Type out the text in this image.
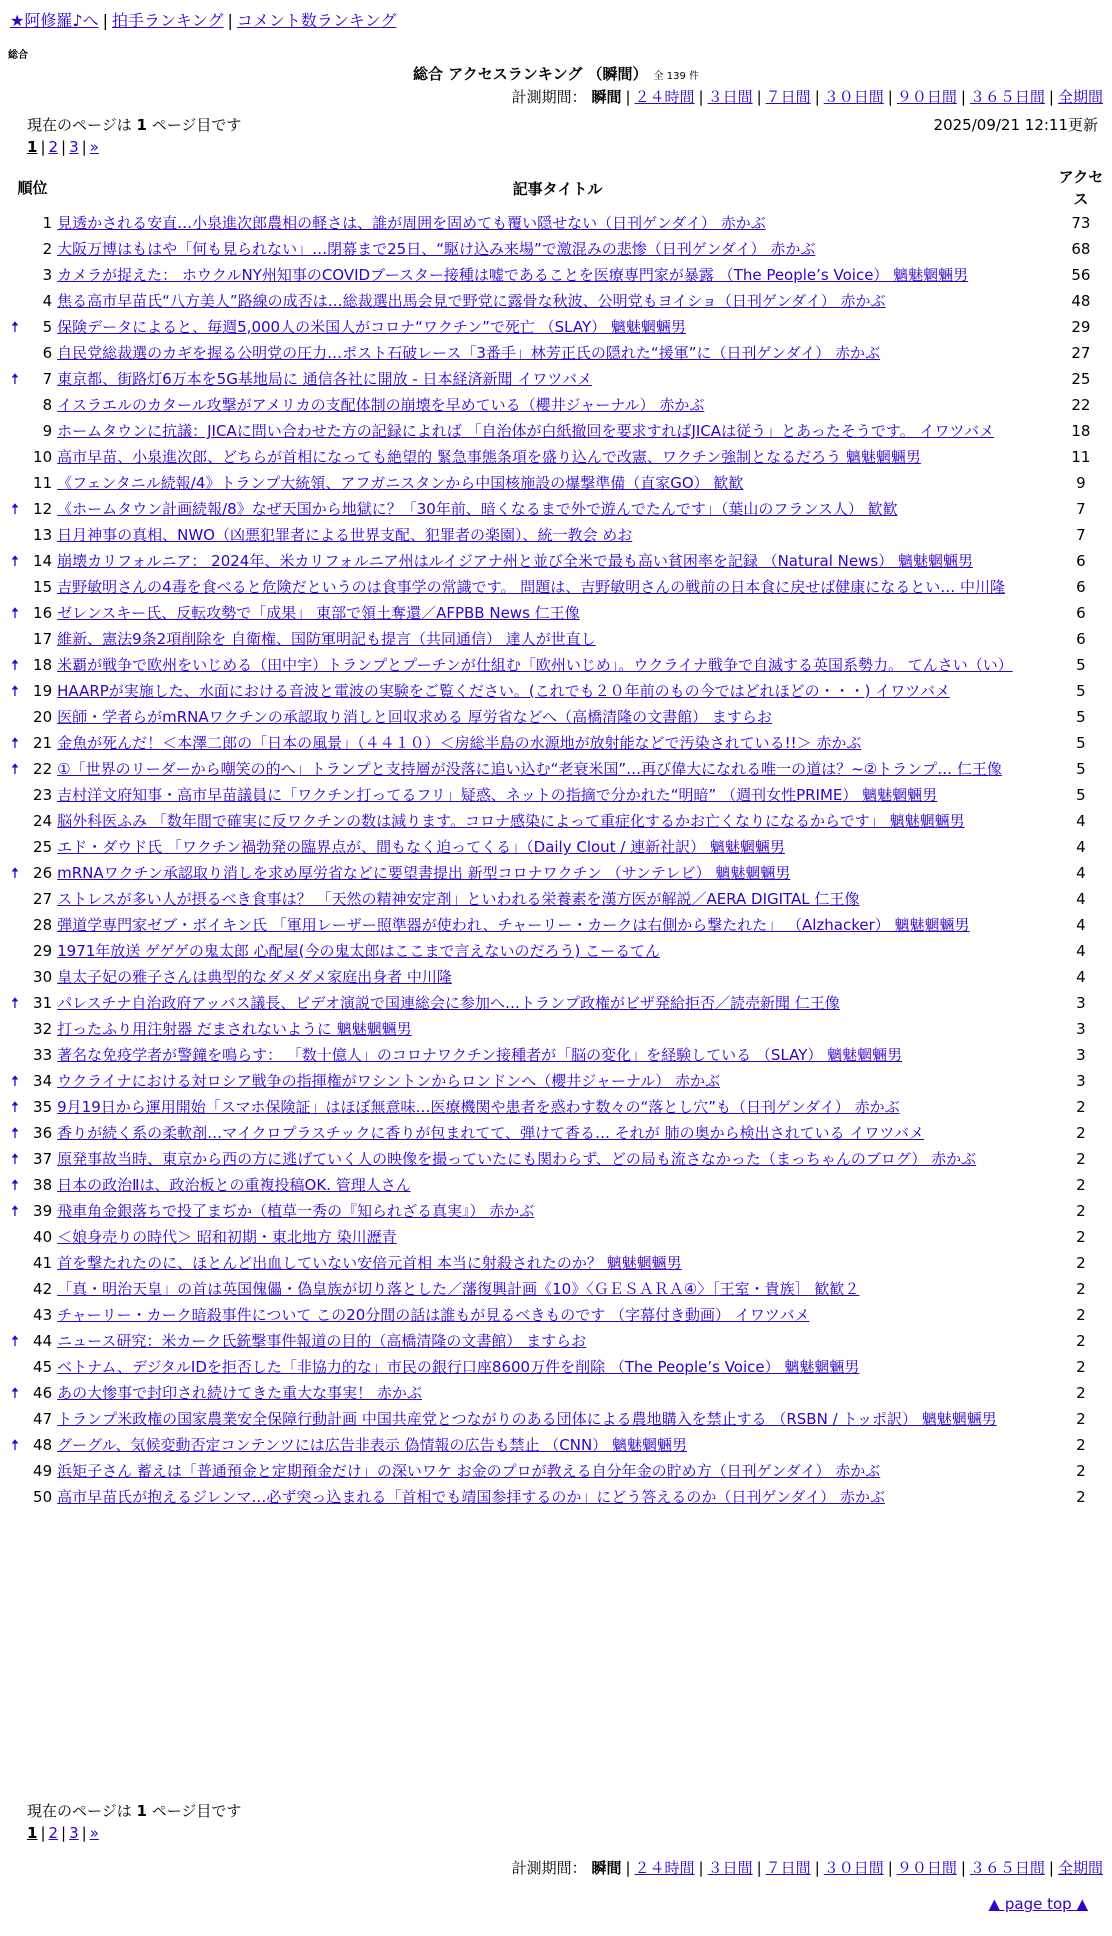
★阿修羅♪へ | 拍手ランキング | コメント数ランキング
総合
総合 アクセスランキング （瞬間） 全 139 件
計測期間： 瞬間 | ２４時間 | ３日間 | ７日間 | ３０日間 | ９０日間 | ３６５日間 | 全期間
現在のページは 1 ページ目です	2025/09/21 12:11更新
1 | 2 | 3 | »
順位		記事タイトル	アクセス
	1	見透かされる安直…小泉進次郎農相の軽さは、誰が周囲を固めても覆い隠せない（日刊ゲンダイ） 赤かぶ	73
	2	大阪万博はもはや「何も見られない」…閉幕まで25日、“駆け込み来場”で激混みの悲惨（日刊ゲンダイ） 赤かぶ	68
	3	カメラが捉えた： ホウクルNY州知事のCOVIDブースター接種は嘘であることを医療専門家が暴露 （The People’s Voice） 魑魅魍魎男	56
	4	焦る高市早苗氏“八方美人”路線の成否は…総裁選出馬会見で野党に露骨な秋波、公明党もヨイショ（日刊ゲンダイ） 赤かぶ	48
🠅	5	保険データによると、毎週5,000人の米国人がコロナ“ワクチン”で死亡 （SLAY） 魑魅魍魎男	29
	6	自民党総裁選のカギを握る公明党の圧力…ポスト石破レース「3番手」林芳正氏の隠れた“援軍”に（日刊ゲンダイ） 赤かぶ	27
🠅	7	東京都、街路灯6万本を5G基地局に 通信各社に開放 - 日本経済新聞 イワツバメ	25
	8	イスラエルのカタール攻撃がアメリカの支配体制の崩壊を早めている（櫻井ジャーナル） 赤かぶ	22
	9	ホームタウンに抗議：JICAに問い合わせた方の記録によれば 「自治体が白紙撤回を要求すればJICAは従う」とあったそうです。 イワツバメ	18
	10	高市早苗、小泉進次郎、どちらが首相になっても絶望的 緊急事態条項を盛り込んで改憲、ワクチン強制となるだろう 魑魅魍魎男	11
	11	《フェンタニル続報/4》トランプ大統領、アフガニスタンから中国核施設の爆撃準備（直家GO） 歓歓	9
🠅	12	《ホームタウン計画続報/8》なぜ天国から地獄に？「30年前、暗くなるまで外で遊んでたんです」（葉山のフランス人） 歓歓	7
	13	日月神事の真相、NWO（凶悪犯罪者による世界支配、犯罪者の楽園）、統一教会 めお	7
🠅	14	崩壊カリフォルニア： 2024年、米カリフォルニア州はルイジアナ州と並び全米で最も高い貧困率を記録 （Natural News） 魑魅魍魎男	6
	15	吉野敏明さんの4毒を食べると危険だというのは食事学の常識です。 問題は、吉野敏明さんの戦前の日本食に戻せば健康になるとい… 中川隆	6
🠅	16	ゼレンスキー氏、反転攻勢で「成果」 東部で領土奪還／AFPBB News 仁王像	6
	17	維新、憲法9条2項削除を 自衛権、国防軍明記も提言（共同通信） 達人が世直し	6
🠅	18	米覇が戦争で欧州をいじめる（田中宇）トランプとプーチンが仕組む「欧州いじめ」。ウクライナ戦争で自滅する英国系勢力。 てんさい（い）	5
🠅	19	HAARPが実施した、水面における音波と電波の実験をご覧ください。(これでも２０年前のもの今ではどれほどの・・・) イワツバメ	5
	20	医師・学者らがmRNAワクチンの承認取り消しと回収求める 厚労省などへ（高橋清隆の文書館） ますらお	5
🠅	21	金魚が死んだ！＜本澤二郎の「日本の風景」（４４１０）＜房総半島の水源地が放射能などで汚染されている!!＞ 赤かぶ	5
🠅	22	①「世界のリーダーから嘲笑の的へ」トランプと支持層が没落に追い込む“老衰米国”…再び偉大になれる唯一の道は？~②トランプ… 仁王像	5
	23	吉村洋文府知事・高市早苗議員に「ワクチン打ってるフリ」疑惑、ネットの指摘で分かれた“明暗” （週刊女性PRIME） 魑魅魍魎男	5
	24	脳外科医ふみ 「数年間で確実に反ワクチンの数は減ります。コロナ感染によって重症化するかお亡くなりになるからです」 魑魅魍魎男	4
	25	エド・ダウド氏 「ワクチン禍勃発の臨界点が、間もなく迫ってくる」（Daily Clout / 連新社訳） 魑魅魍魎男	4
🠅	26	mRNAワクチン承認取り消しを求め厚労省などに要望書提出 新型コロナワクチン （サンテレビ） 魑魅魍魎男	4
	27	ストレスが多い人が摂るべき食事は？ 「天然の精神安定剤」といわれる栄養素を漢方医が解説／AERA DIGITAL 仁王像	4
	28	弾道学専門家ゼブ・ボイキン氏 「軍用レーザー照準器が使われ、チャーリー・カークは右側から撃たれた」 （Alzhacker） 魑魅魍魎男	4
	29	1971年放送 ゲゲゲの鬼太郎 心配屋(今の鬼太郎はここまで言えないのだろう) こーるてん	4
	30	皇太子妃の雅子さんは典型的なダメダメ家庭出身者 中川隆	4
🠅	31	パレスチナ自治政府アッバス議長、ビデオ演説で国連総会に参加へ…トランプ政権がビザ発給拒否／読売新聞 仁王像	3
	32	打ったふり用注射器 だまされないように 魑魅魍魎男	3
	33	著名な免疫学者が警鐘を鳴らす： 「数十億人」のコロナワクチン接種者が「脳の変化」を経験している （SLAY） 魑魅魍魎男	3
🠅	34	ウクライナにおける対ロシア戦争の指揮権がワシントンからロンドンへ（櫻井ジャーナル） 赤かぶ	3
🠅	35	9月19日から運用開始「スマホ保険証」はほぼ無意味…医療機関や患者を惑わす数々の“落とし穴”も（日刊ゲンダイ） 赤かぶ	2
🠅	36	香りが続く系の柔軟剤…マイクロプラスチックに香りが包まれてて、弾けて香る… それが 肺の奥から検出されている イワツバメ	2
🠅	37	原発事故当時、東京から西の方に逃げていく人の映像を撮っていたにも関わらず、どの局も流さなかった（まっちゃんのブログ） 赤かぶ	2
🠅	38	日本の政治Ⅱは、政治板との重複投稿OK. 管理人さん	2
🠅	39	飛車角金銀落ちで投了まぢか（植草一秀の『知られざる真実』） 赤かぶ	2
	40	＜娘身売りの時代＞ 昭和初期・東北地方 染川瀝青	2
	41	首を撃たれたのに、ほとんど出血していない安倍元首相 本当に射殺されたのか？ 魑魅魍魎男	2
	42	「真・明治天皇」の首は英国傀儡・偽皇族が切り落とした／藩復興計画《10》〈ＧＥＳＡＲＡ④〉［王室・貴族］ 歓歓２	2
	43	チャーリー・カーク暗殺事件について この20分間の話は誰もが見るべきものです （字幕付き動画） イワツバメ	2
🠅	44	ニュース研究：米カーク氏銃撃事件報道の目的（高橋清隆の文書館） ますらお	2
	45	ベトナム、デジタルIDを拒否した「非協力的な」市民の銀行口座8600万件を削除 （The People’s Voice） 魑魅魍魎男	2
🠅	46	あの大惨事で封印され続けてきた重大な事実！ 赤かぶ	2
	47	トランプ米政権の国家農業安全保障行動計画 中国共産党とつながりのある団体による農地購入を禁止する （RSBN / トッポ訳） 魑魅魍魎男	2
🠅	48	グーグル、気候変動否定コンテンツには広告非表示 偽情報の広告も禁止 （CNN） 魑魅魍魎男	2
	49	浜矩子さん 蓄えは「普通預金と定期預金だけ」の深いワケ お金のプロが教える自分年金の貯め方（日刊ゲンダイ） 赤かぶ	2
	50	高市早苗氏が抱えるジレンマ…必ず突っ込まれる「首相でも靖国参拝するのか」にどう答えるのか（日刊ゲンダイ） 赤かぶ	2
現在のページは 1 ページ目です
1 | 2 | 3 | »
計測期間： 瞬間 | ２４時間 | ３日間 | ７日間 | ３０日間 | ９０日間 | ３６５日間 | 全期間
▲ page top ▲
